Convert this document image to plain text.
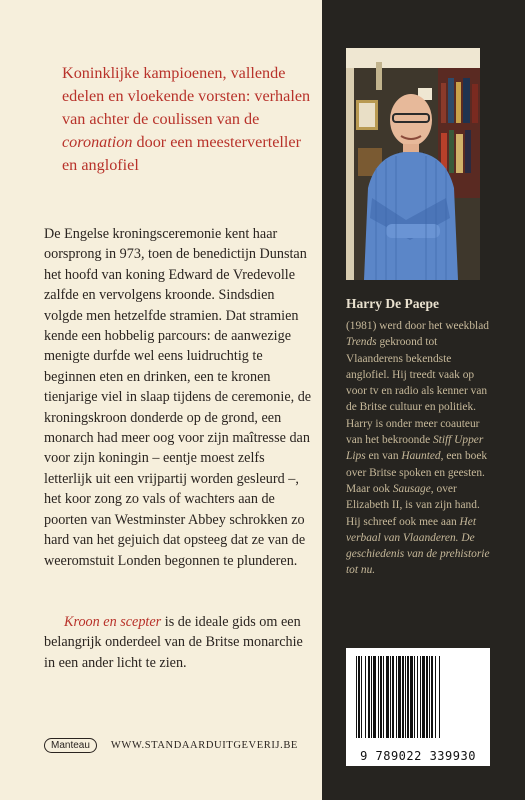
Koninklijke kampioenen, vallende edelen en vloekende vorsten: verhalen van achter de coulissen van de coronation door een meesterverteller en anglofiel

De Engelse kroningsceremonie kent haar oorsprong in 973, toen de benedictijn Dunstan het hoofd van koning Edward de Vredevolle zalfde en vervolgens kroonde. Sindsdien volgde men hetzelfde stramien. Dat stramien kende een hobbelig parcours: de aanwezige menigte durfde wel eens luidruchtig te beginnen eten en drinken, een te kronen tienjarige viel in slaap tijdens de ceremonie, de kroningskroon donderde op de grond, een monarch had meer oog voor zijn maîtresse dan voor zijn koningin – eentje moest zelfs letterlijk uit een vrijpartij worden gesleurd –, het koor zong zo vals of wachters aan de poorten van Westminster Abbey schrokken zo hard van het gejuich dat opsteeg dat ze van de weeromstuit Londen begonnen te plunderen.

Kroon en scepter is de ideale gids om een belangrijk onderdeel van de Britse monarchie in een ander licht te zien.
Manteau WWW.STANDAARDUITGEVERIJ.BE
Harry De Paepe

(1981) werd door het weekblad Trends gekroond tot Vlaanderens bekendste anglofiel. Hij treedt vaak op voor tv en radio als kenner van de Britse cultuur en politiek.

Harry is onder meer coauteur van het bekroonde Stiff Upper Lips en van Haunted, een boek over Britse spoken en geesten. Maar ook Sausage, over Elizabeth II, is van zijn hand. Hij schreef ook mee aan Het verbaal van Vlaanderen. De geschiedenis van de prehistorie tot nu.

9 789022 339930
